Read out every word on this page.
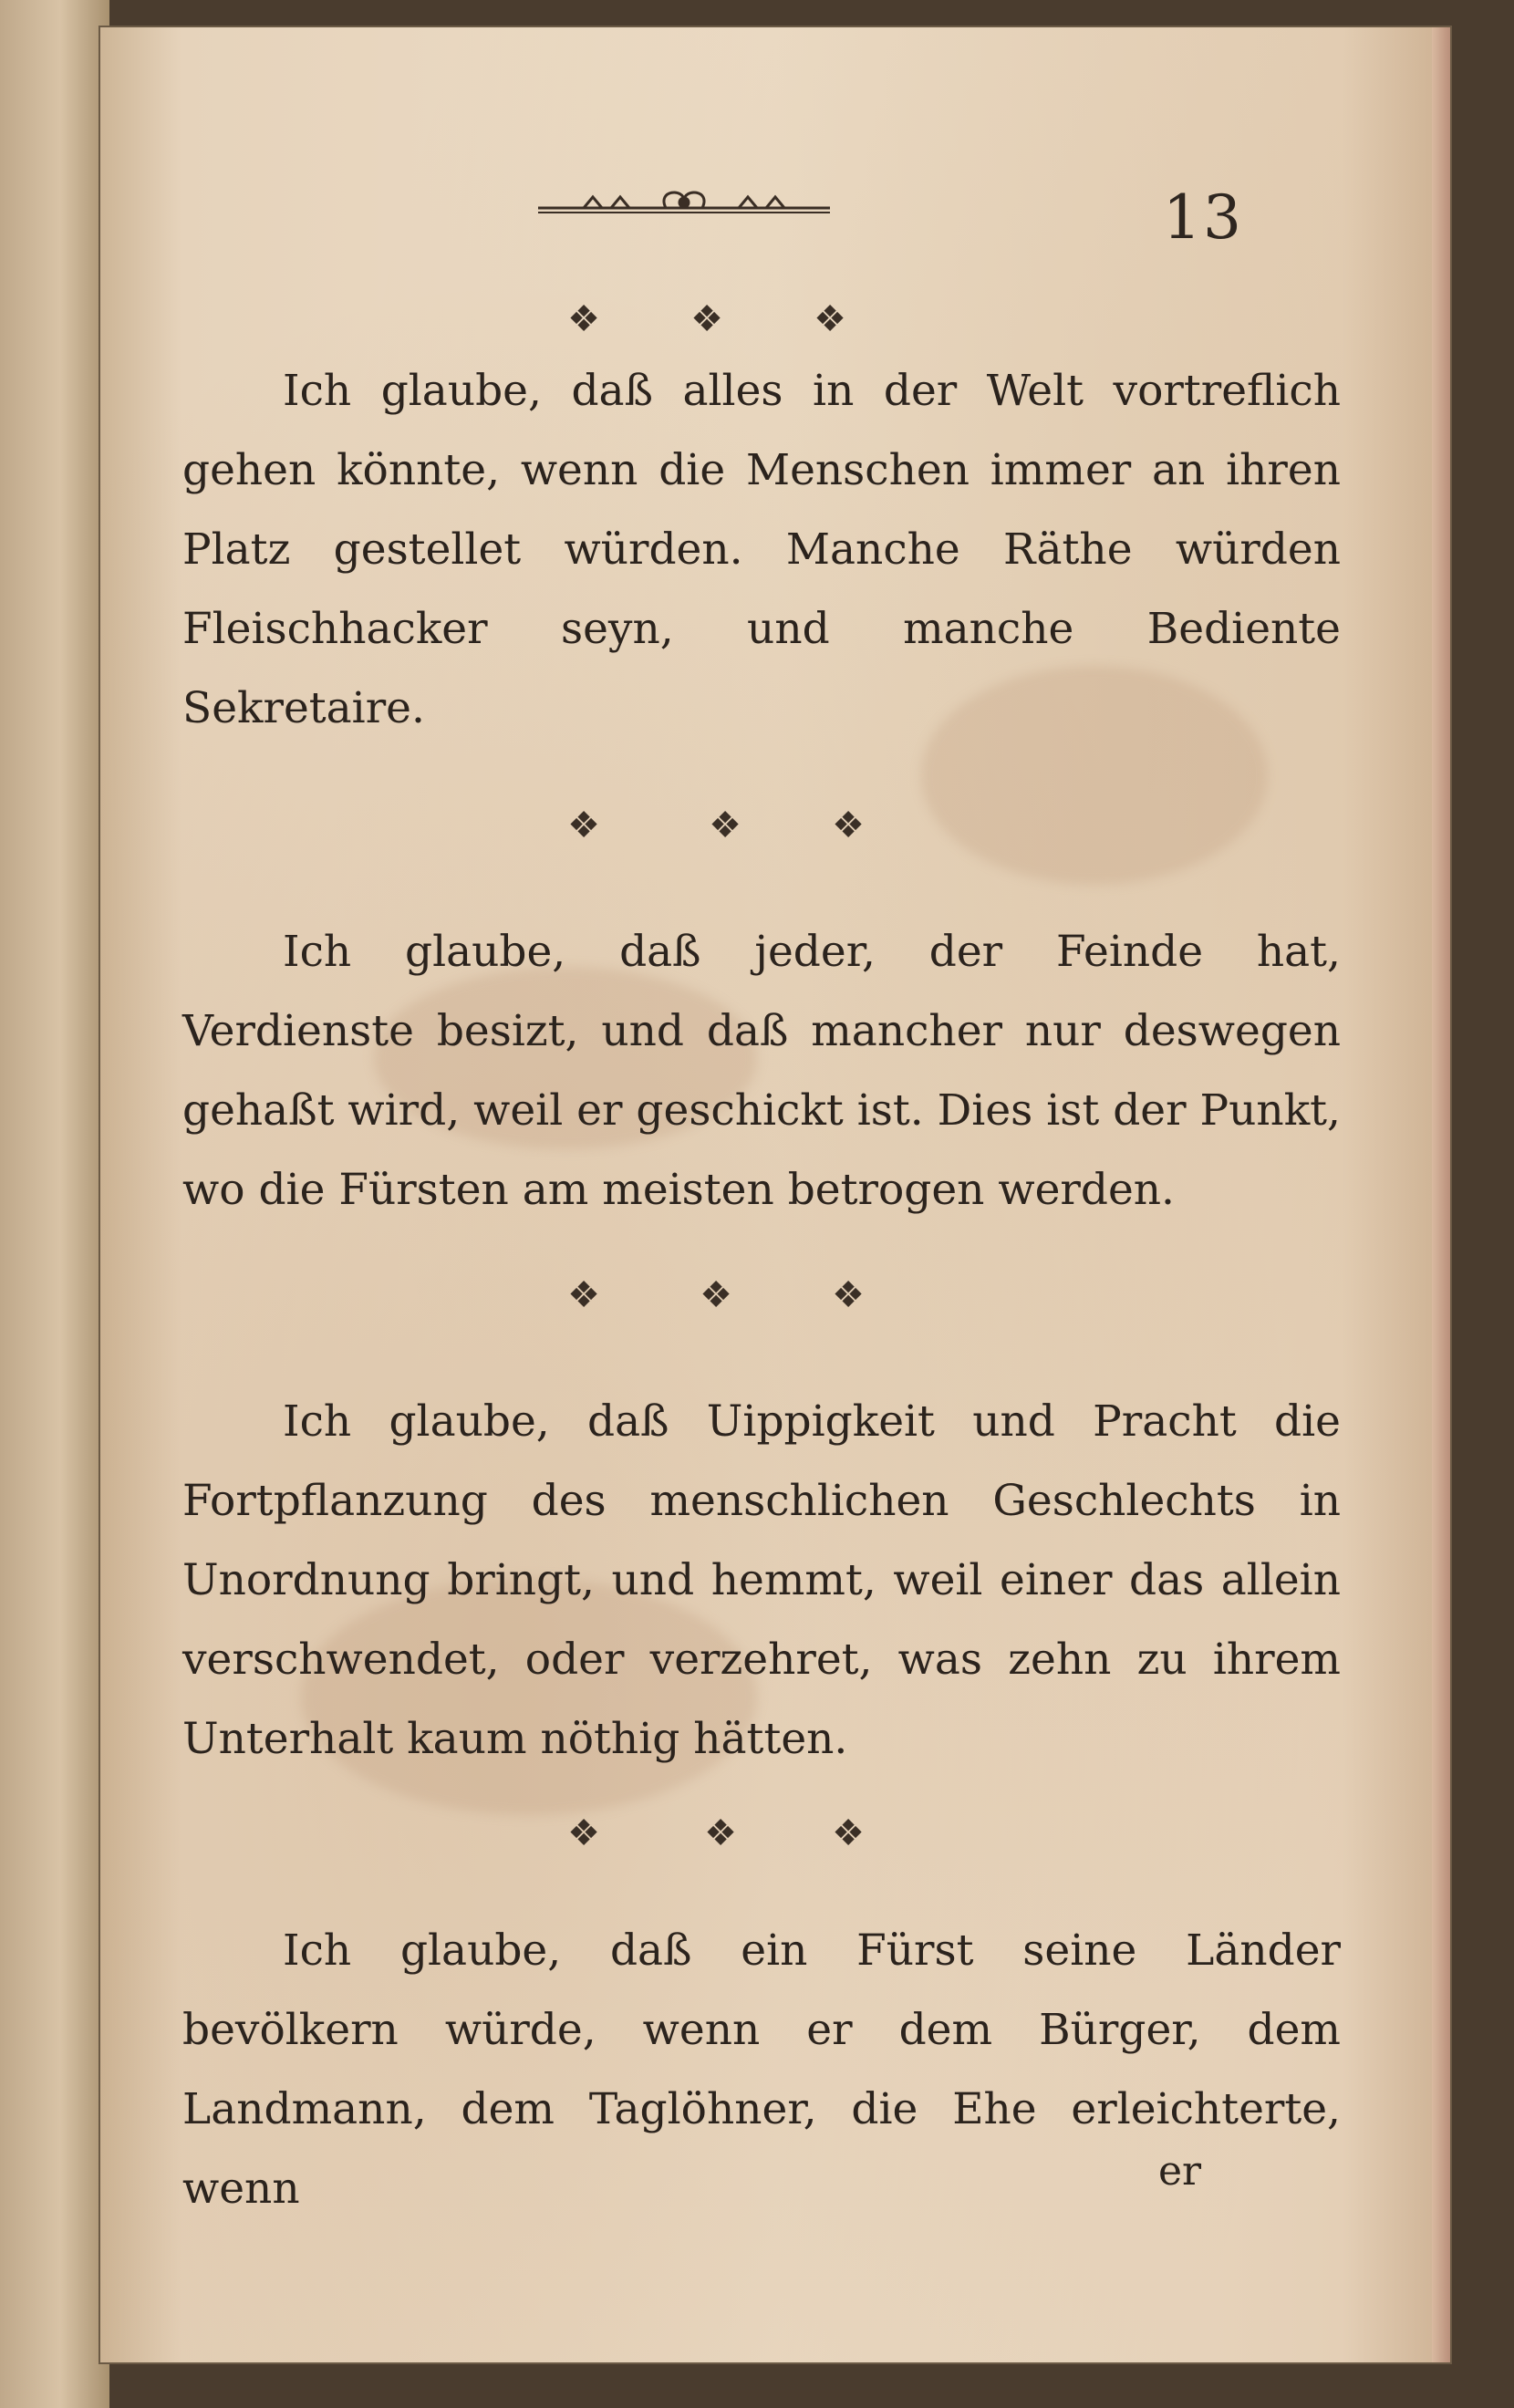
13
❖ ❖ ❖
Ich glaube, daß alles in der Welt vortreflich gehen könnte, wenn die Menschen immer an ihren Platz gestellet würden. Manche Räthe würden Fleischhacker seyn, und manche Bediente Sekretaire.
❖	❖ ❖
Ich glaube, daß jeder, der Feinde hat, Verdienste besizt, und daß mancher nur deswegen gehaßt wird, weil er geschickt ist. Dies ist der Punkt, wo die Fürsten am meisten betrogen werden.
❖	❖	❖
Ich glaube, daß Uippigkeit und Pracht die Fortpflanzung des menschlichen Geschlechts in Unordnung bringt, und hemmt, weil einer das allein verschwendet, oder verzehret, was zehn zu ihrem Unterhalt kaum nöthig hätten.
❖	❖	❖
Ich glaube, daß ein Fürst seine Länder bevölkern würde, wenn er dem Bürger, dem Landmann, dem Taglöhner, die Ehe erleichterte, wenn	er
